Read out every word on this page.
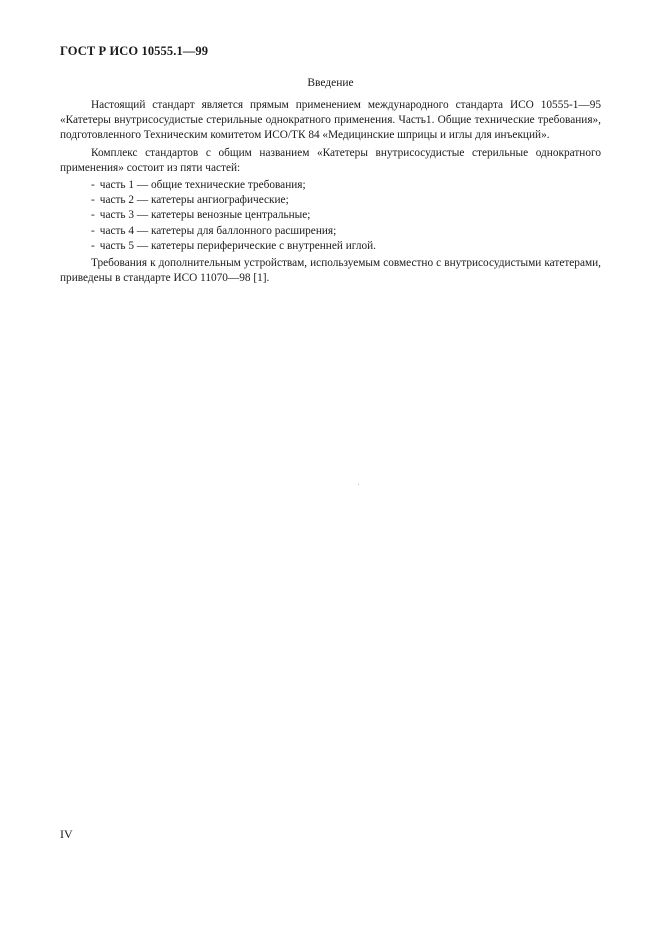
ГОСТ Р ИСО 10555.1—99
Введение

Настоящий стандарт является прямым применением международного стандарта ИСО 10555-1—95 «Катетеры внутрисосудистые стерильные однократного применения. Часть1. Общие технические требования», подготовленного Техническим комитетом ИСО/ТК 84 «Медицинские шприцы и иглы для инъекций».

Комплекс стандартов с общим названием «Катетеры внутрисосудистые стерильные однократного применения» состоит из пяти частей:

- часть 1 — общие технические требования;
- часть 2 — катетеры ангиографические;
- часть 3 — катетеры венозные центральные;
- часть 4 — катетеры для баллонного расширения;
- часть 5 — катетеры периферические с внутренней иглой.

Требования к дополнительным устройствам, используемым совместно с внутрисосудистыми катетерами, приведены в стандарте ИСО 11070—98 [1].

IV
